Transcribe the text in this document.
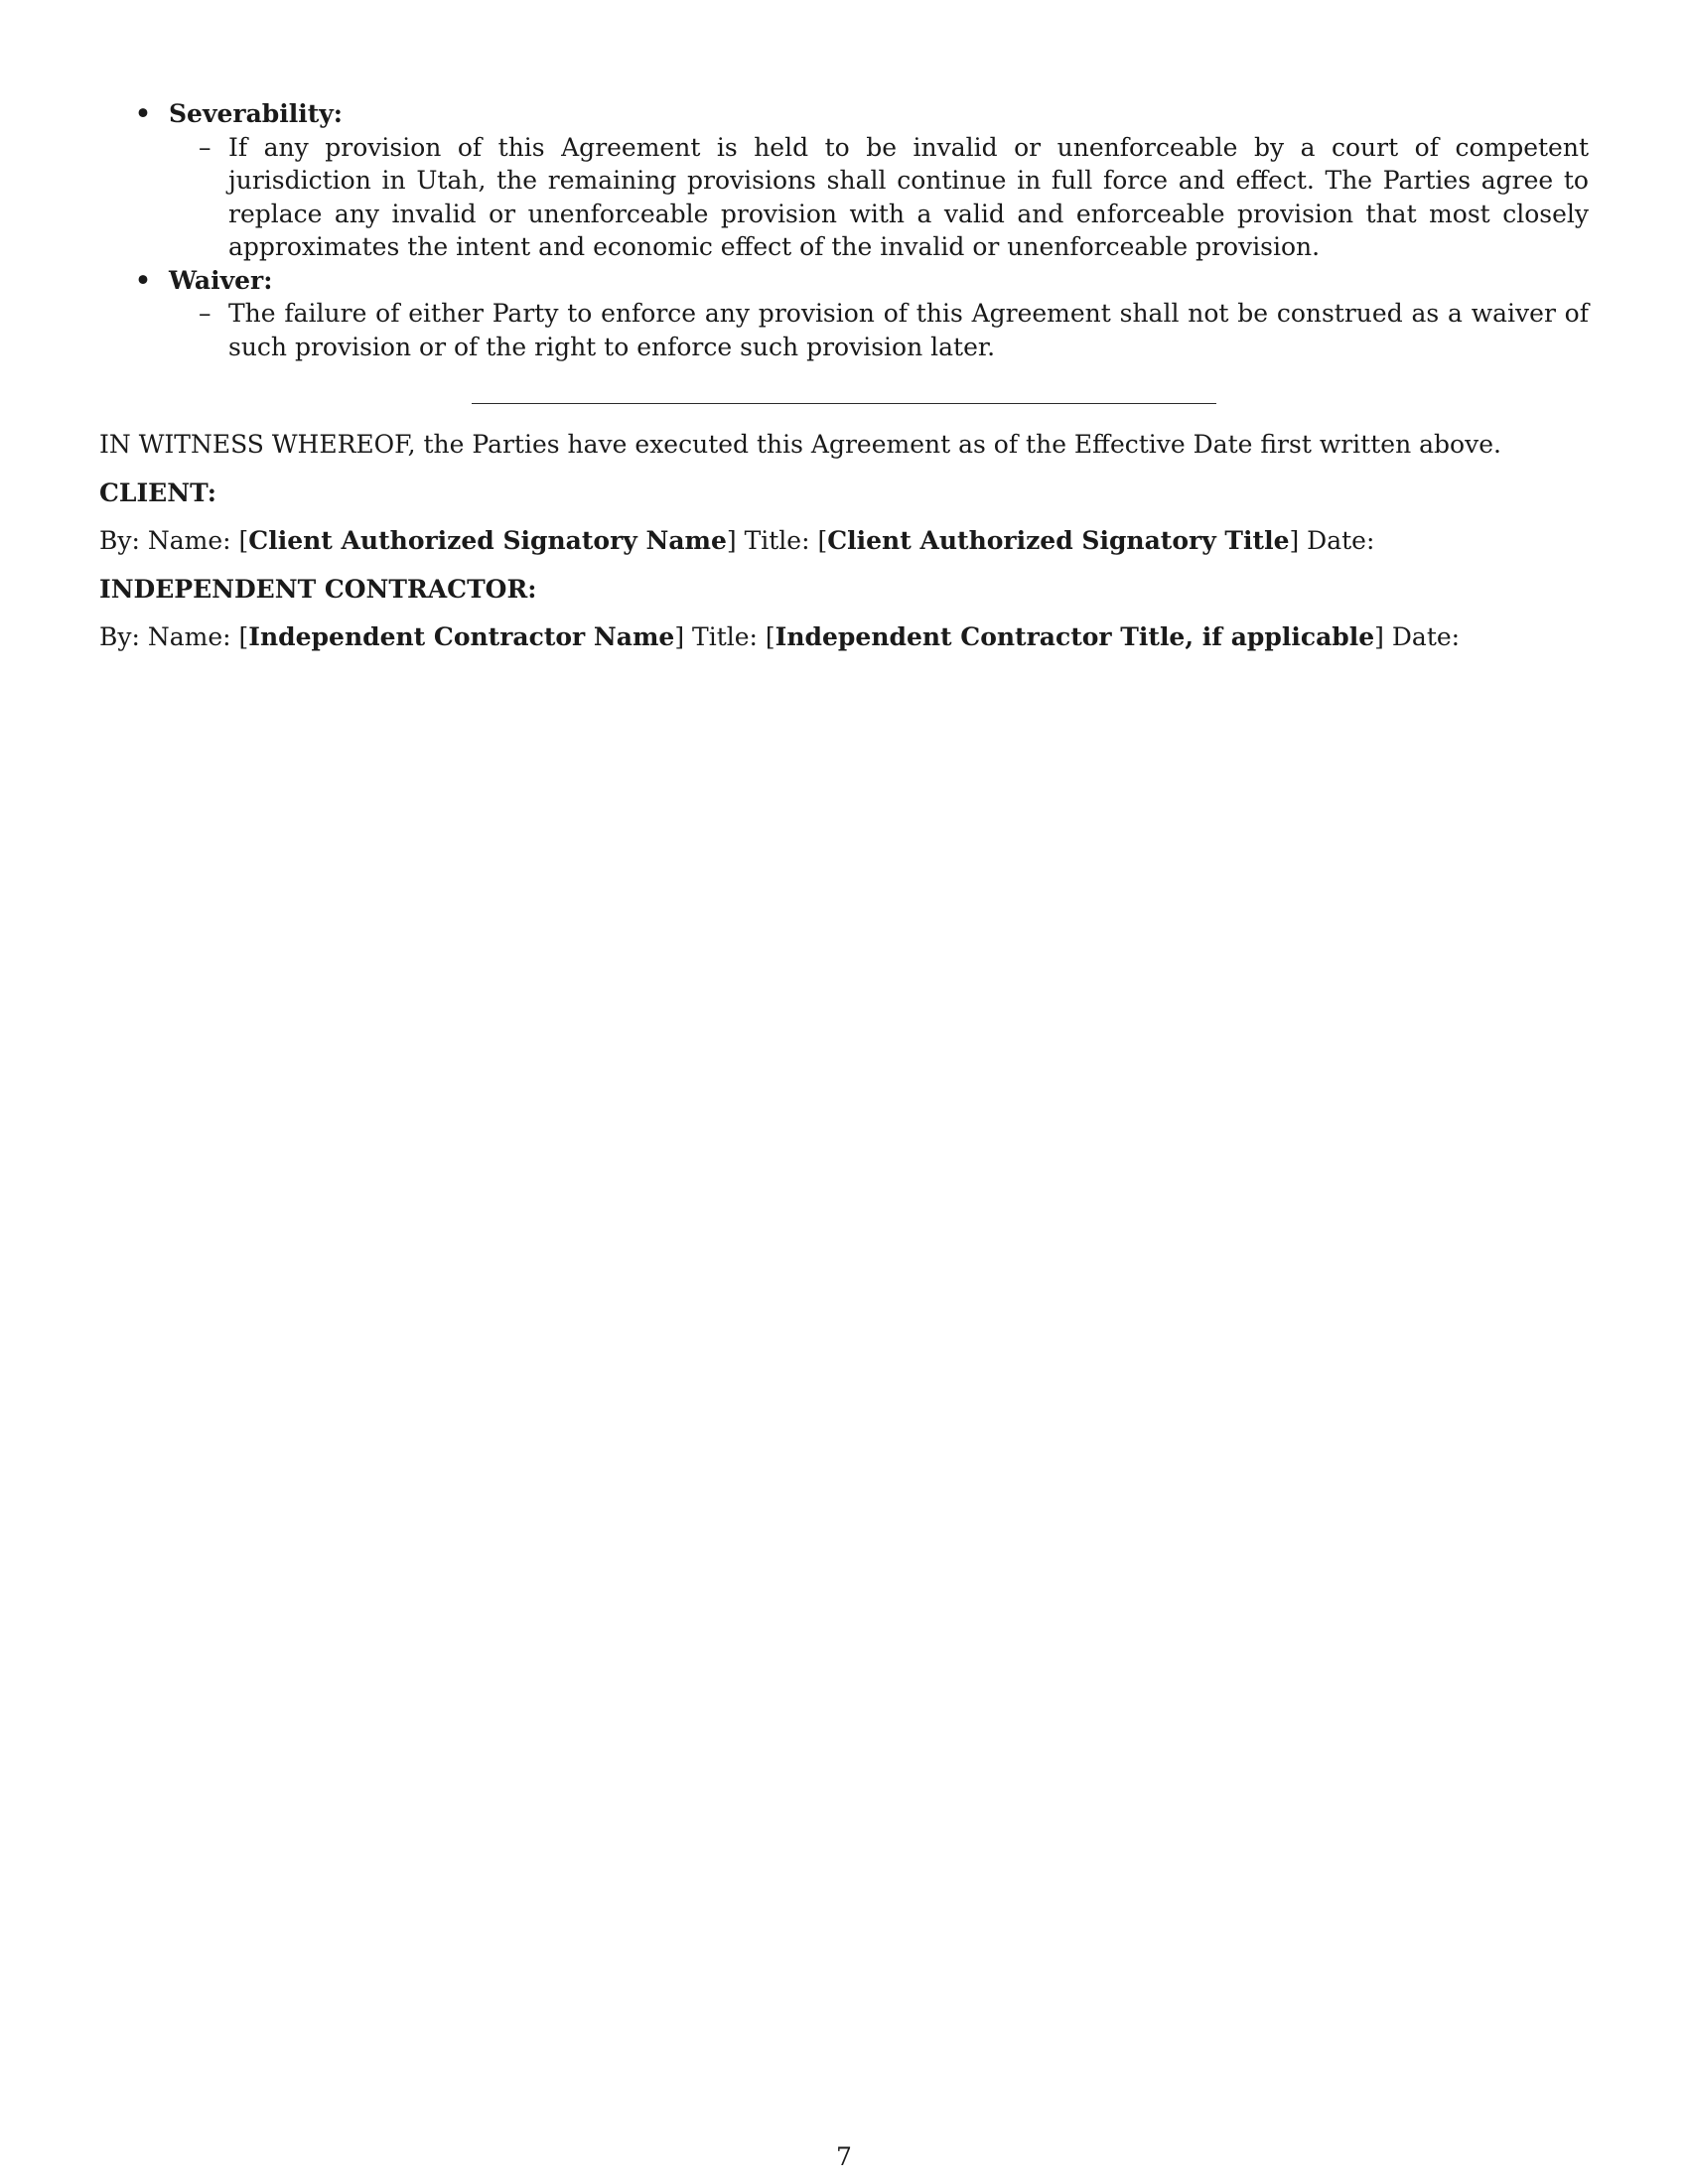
• Severability:
– If any provision of this Agreement is held to be invalid or unenforceable by a court of competent jurisdiction in Utah, the remaining provisions shall continue in full force and effect. The Parties agree to replace any invalid or unenforceable provision with a valid and enforceable provision that most closely approximates the intent and economic effect of the invalid or unenforceable provision.
• Waiver:
– The failure of either Party to enforce any provision of this Agreement shall not be construed as a waiver of such provision or of the right to enforce such provision later.
IN WITNESS WHEREOF, the Parties have executed this Agreement as of the Effective Date first written above.
CLIENT:
By: Name: [Client Authorized Signatory Name] Title: [Client Authorized Signatory Title] Date:
INDEPENDENT CONTRACTOR:
By: Name: [Independent Contractor Name] Title: [Independent Contractor Title, if applicable] Date:
7
